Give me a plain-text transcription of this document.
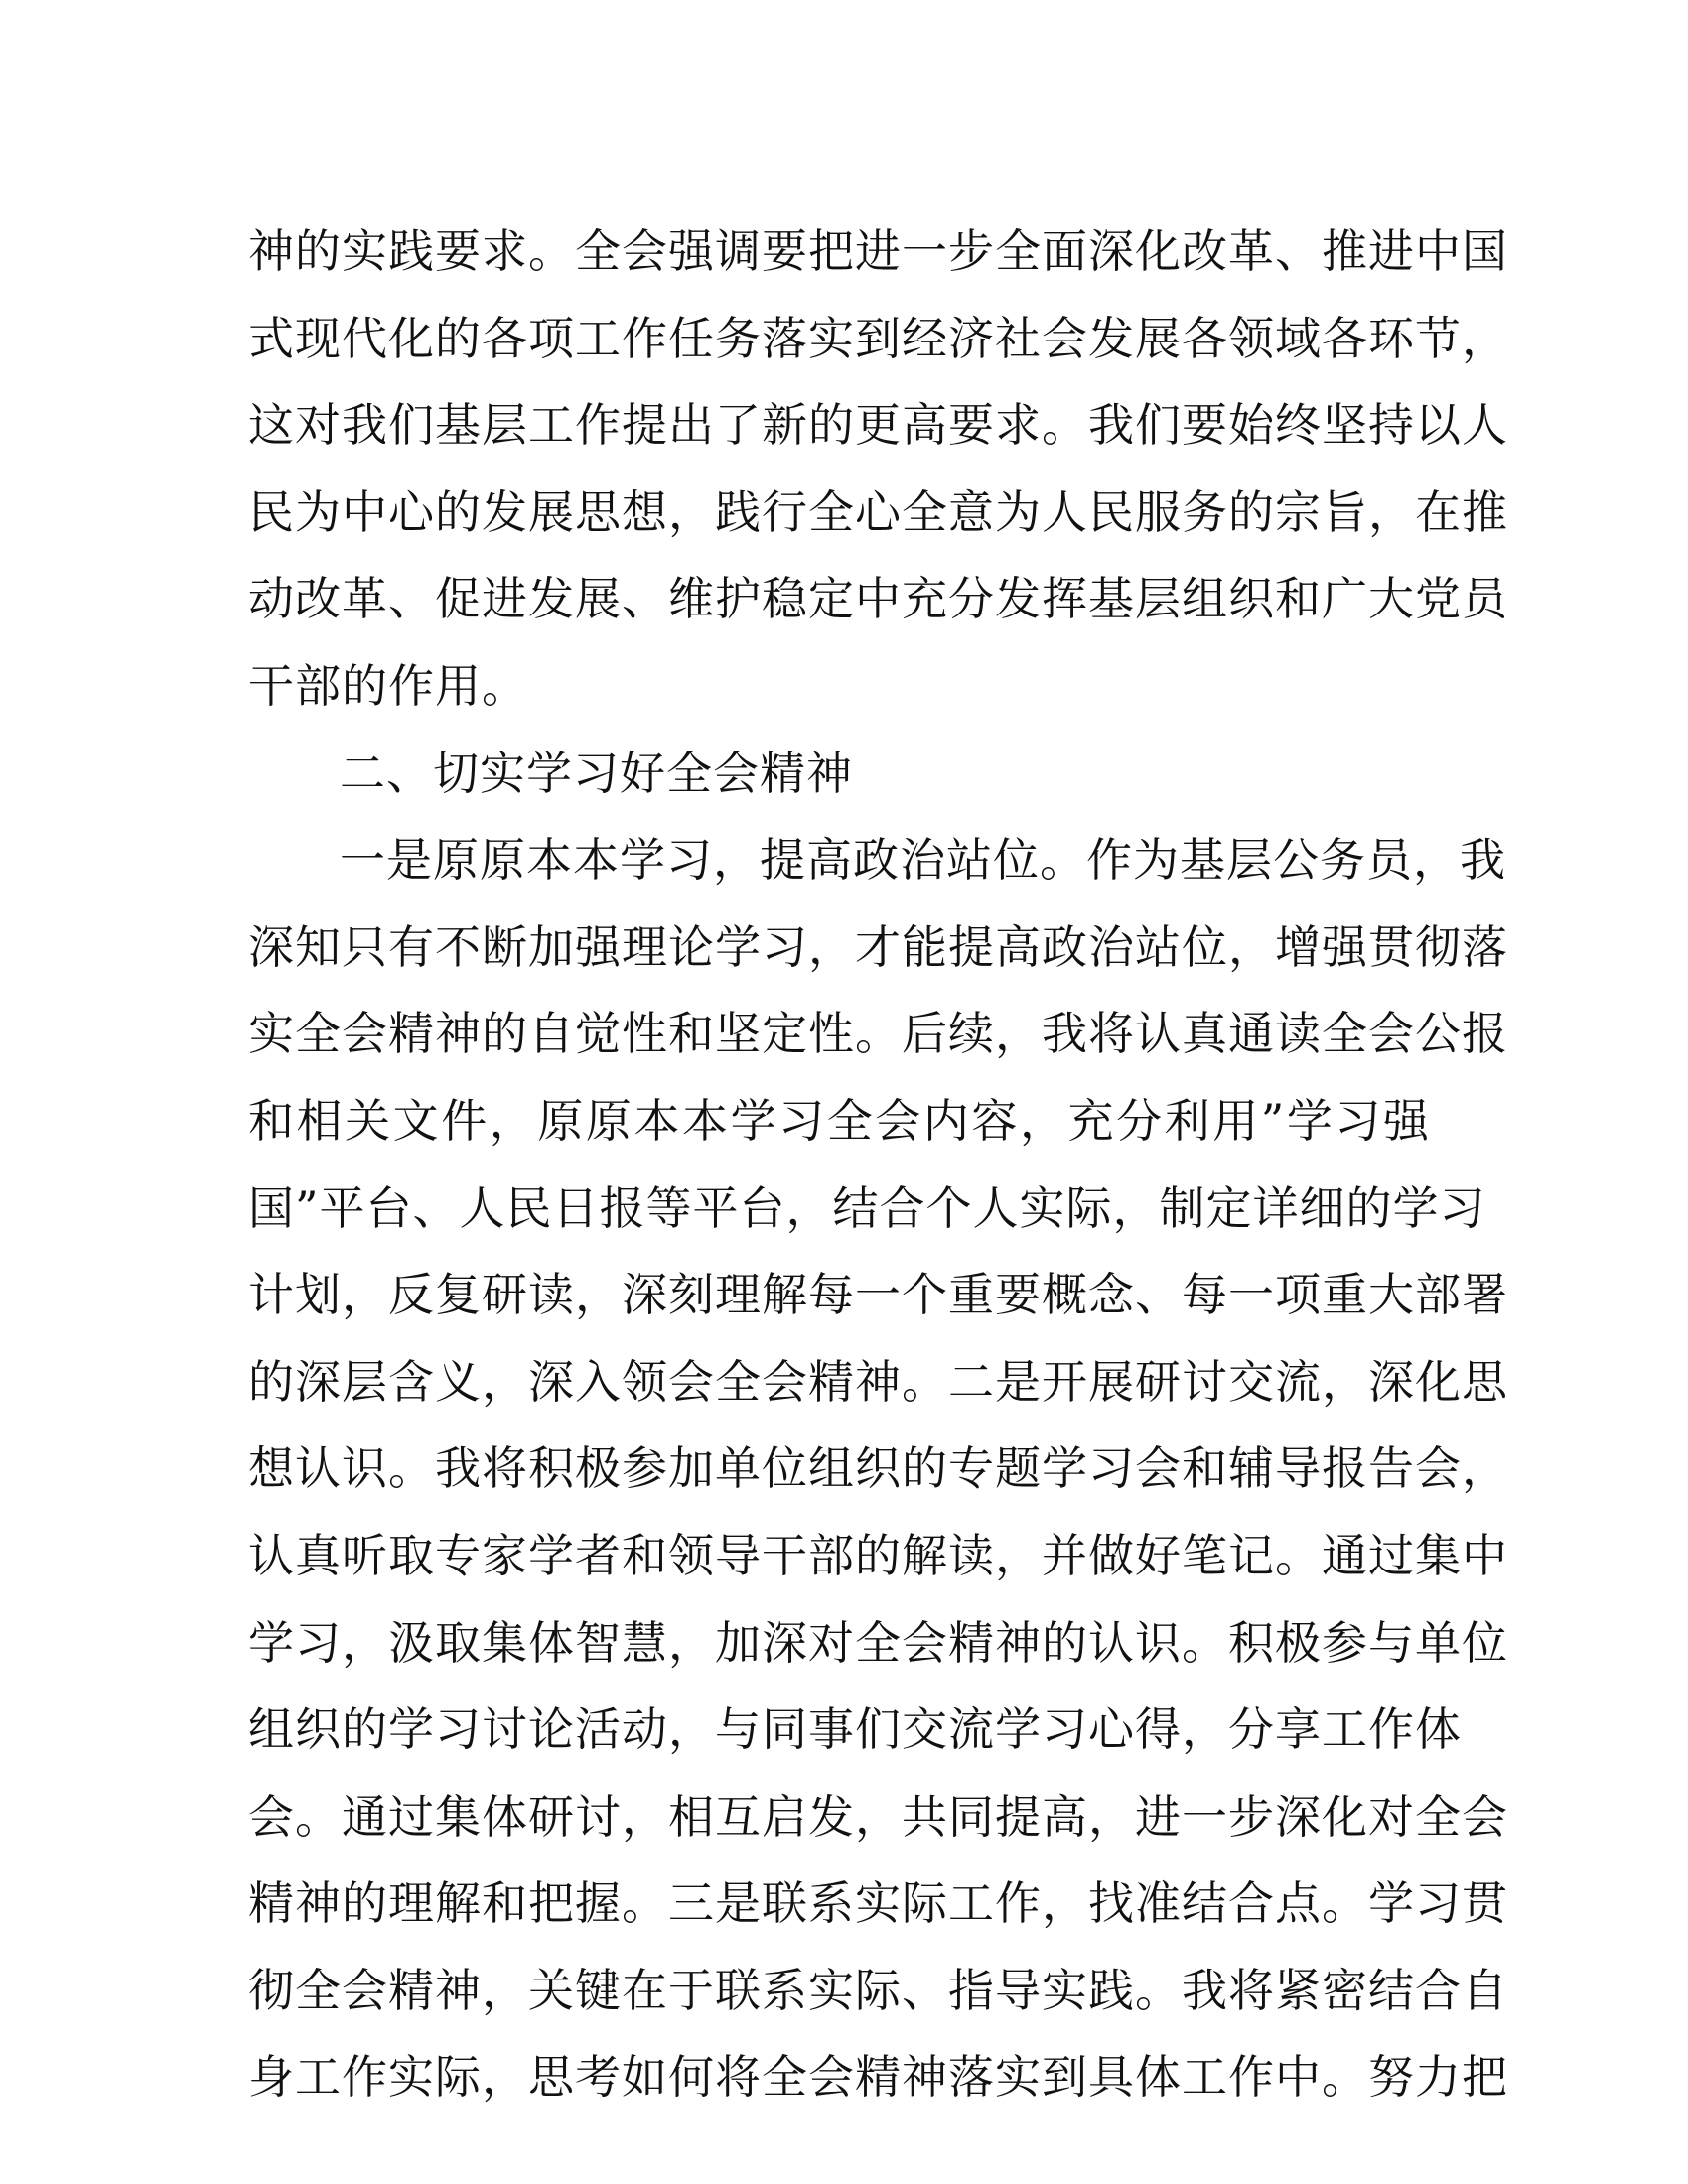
神的实践要求。全会强调要把进一步全面深化改革、推进中国
式现代化的各项工作任务落实到经济社会发展各领域各环节，
这对我们基层工作提出了新的更高要求。我们要始终坚持以人
民为中心的发展思想，践行全心全意为人民服务的宗旨，在推
动改革、促进发展、维护稳定中充分发挥基层组织和广大党员
干部的作用。
二、切实学习好全会精神
一是原原本本学习，提高政治站位。作为基层公务员，我
深知只有不断加强理论学习，才能提高政治站位，增强贯彻落
实全会精神的自觉性和坚定性。后续，我将认真通读全会公报
和相关文件，原原本本学习全会内容，充分利用”学习强
国”平台、人民日报等平台，结合个人实际，制定详细的学习
计划，反复研读，深刻理解每一个重要概念、每一项重大部署
的深层含义，深入领会全会精神。二是开展研讨交流，深化思
想认识。我将积极参加单位组织的专题学习会和辅导报告会，
认真听取专家学者和领导干部的解读，并做好笔记。通过集中
学习，汲取集体智慧，加深对全会精神的认识。积极参与单位
组织的学习讨论活动，与同事们交流学习心得，分享工作体
会。通过集体研讨，相互启发，共同提高，进一步深化对全会
精神的理解和把握。三是联系实际工作，找准结合点。学习贯
彻全会精神，关键在于联系实际、指导实践。我将紧密结合自
身工作实际，思考如何将全会精神落实到具体工作中。努力把
